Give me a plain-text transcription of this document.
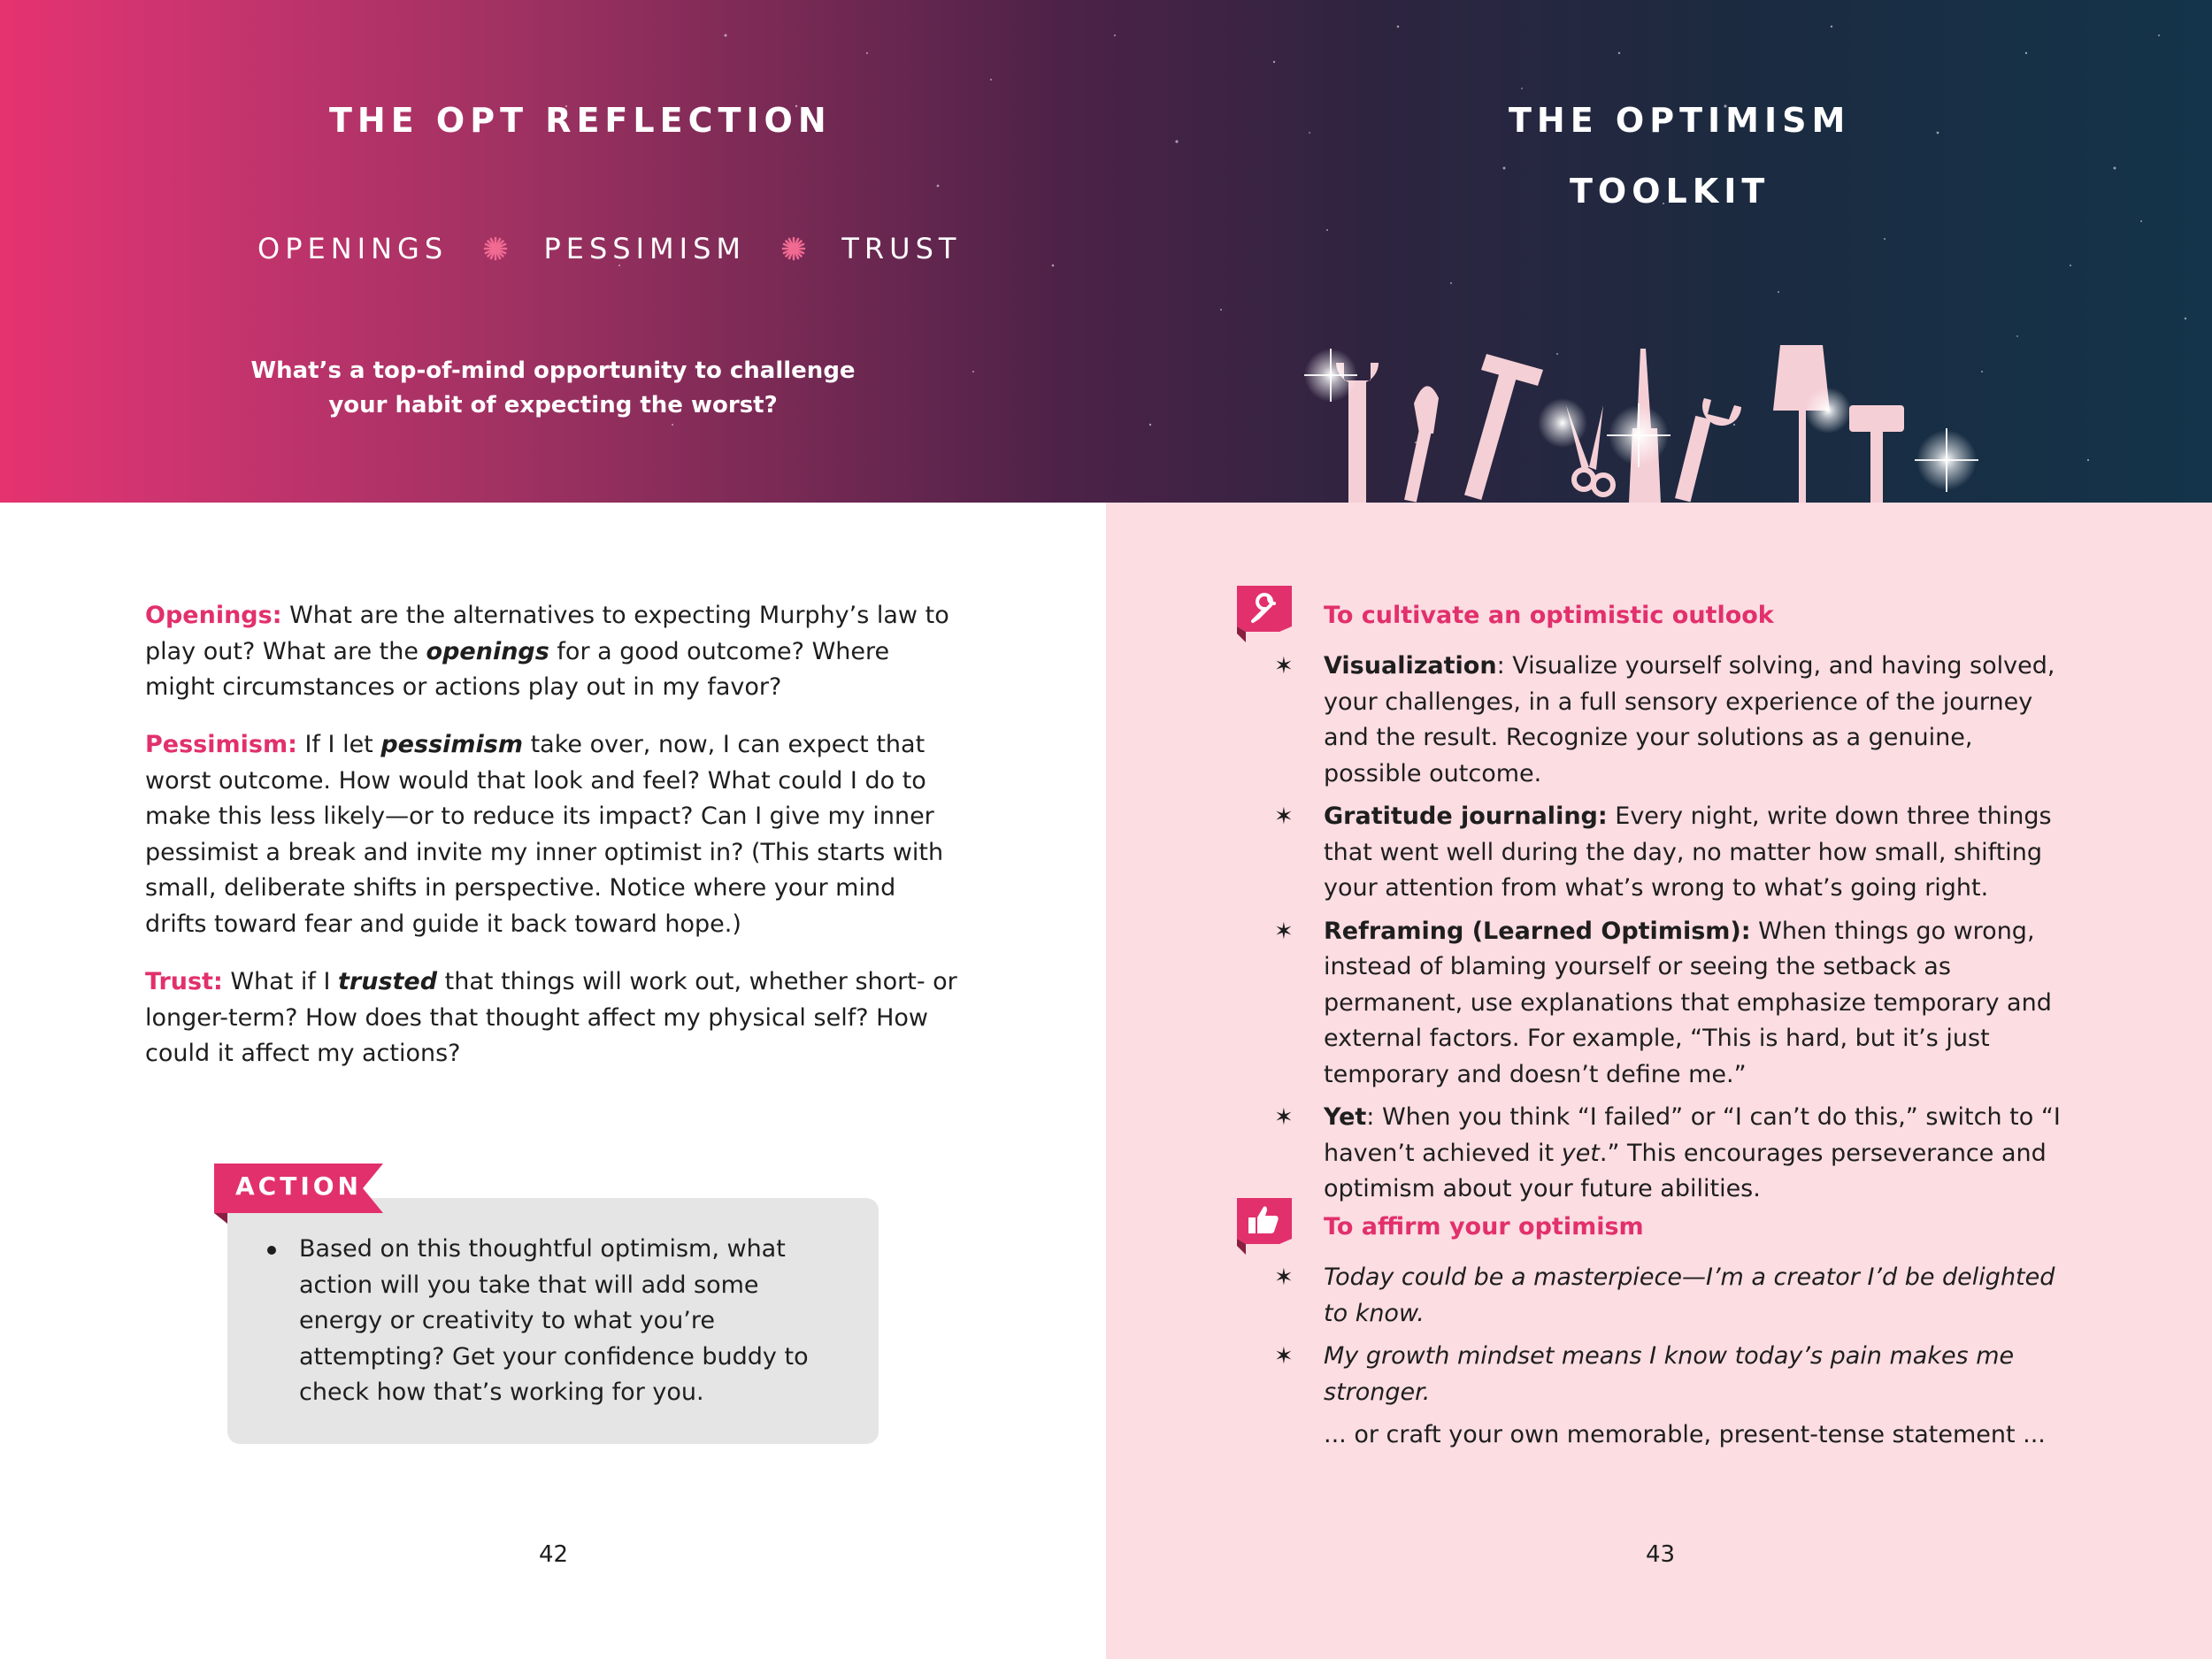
THE OPT REFLECTION
OPENINGS	PESSIMISM	TRUST
What’s a top-of-mind opportunity to challenge
your habit of expecting the worst?
THE OPTIMISM
TOOLKIT

Openings: What are the alternatives to expecting Murphy’s law to play out? What are the openings for a good outcome? Where might circumstances or actions play out in my favor?

Pessimism: If I let pessimism take over, now, I can expect that worst outcome. How would that look and feel? What could I do to make this less likely—or to reduce its impact? Can I give my inner pessimist a break and invite my inner optimist in? (This starts with small, deliberate shifts in perspective. Notice where your mind drifts toward fear and guide it back toward hope.)

Trust: What if I trusted that things will work out, whether short- or longer-term? How does that thought affect my physical self? How could it affect my actions?

ACTION
Based on this thoughtful optimism, what action will you take that will add some energy or creativity to what you’re attempting? Get your confidence buddy to check how that’s working for you.
42
To cultivate an optimistic outlook
✶ Visualization: Visualize yourself solving, and having solved, your challenges, in a full sensory experience of the journey and the result. Recognize your solutions as a genuine, possible outcome.
✶ Gratitude journaling: Every night, write down three things that went well during the day, no matter how small, shifting your attention from what’s wrong to what’s going right.
✶ Reframing (Learned Optimism): When things go wrong, instead of blaming yourself or seeing the setback as permanent, use explanations that emphasize temporary and external factors. For example, “This is hard, but it’s just temporary and doesn’t define me.”
✶ Yet: When you think “I failed” or “I can’t do this,” switch to “I haven’t achieved it yet.” This encourages perseverance and optimism about your future abilities.
To affirm your optimism
✶ Today could be a masterpiece—I’m a creator I’d be delighted to know.
✶ My growth mindset means I know today’s pain makes me stronger.
... or craft your own memorable, present-tense statement ...
43
